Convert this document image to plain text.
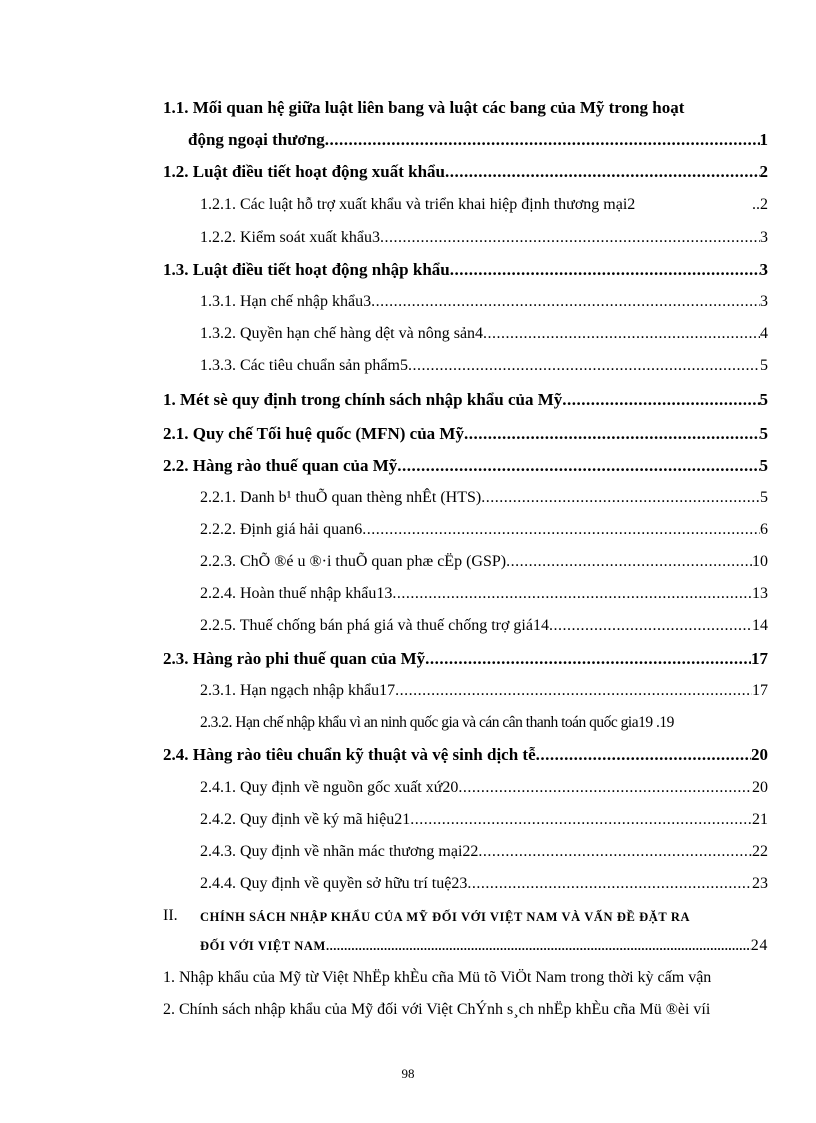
1.1. Mối quan hệ giữa luật liên bang và luật các bang của Mỹ trong hoạt
động ngoại thương .....	1
1.2. Luật điều tiết hoạt động xuất khẩu .....	2
1.2.1. Các luật hỗ trợ xuất khẩu và triển khai hiệp định thương mại2	..2
1.2.2. Kiểm soát xuất khẩu3 .....	3
1.3. Luật điều tiết hoạt động nhập khẩu .....	3
1.3.1. Hạn chế nhập khẩu3 .....	3
1.3.2. Quyền hạn chế hàng dệt và nông sản4 .....	4
1.3.3. Các tiêu chuẩn sản phẩm5 .....	5
1. Mét sè quy định trong chính sách nhập khẩu của Mỹ .....	5
2.1. Quy chế Tối huệ quốc (MFN) của Mỹ .....	5
2.2. Hàng rào thuế quan của Mỹ .....	5
2.2.1. Danh b¹ thuÕ quan thèng nhÊt (HTS) .....	5
2.2.2. Định giá hải quan6 .....	6
2.2.3. ChÕ ®é u ®·i thuÕ quan phæ cËp (GSP) .....	10
2.2.4. Hoàn thuế nhập khẩu13 .....	13
2.2.5. Thuế chống bán phá giá và thuế chống trợ giá14 .....	14
2.3. Hàng rào phi thuế quan của Mỹ .....	17
2.3.1. Hạn ngạch nhập khẩu17 .....	17
2.3.2. Hạn chế nhập khẩu vì an ninh quốc gia và cán cân thanh toán quốc gia19 .19
2.4. Hàng rào tiêu chuẩn kỹ thuật và vệ sinh dịch tễ .....	20
2.4.1. Quy định về nguồn gốc xuất xứ20 .....	20
2.4.2. Quy định về ký mã hiệu21 .....	21
2.4.3. Quy định về nhãn mác thương mại22 .....	22
2.4.4. Quy định về quyền sở hữu trí tuệ23 .....	23
II. CHÍNH SÁCH NHẬP KHẨU CỦA MỸ ĐỐI VỚI VIỆT NAM VÀ VẤN ĐỀ ĐẶT RA
ĐỐI VỚI VIỆT NAM .....	24
1. Nhập khẩu của Mỹ từ Việt NhËp khÈu cña Mü tõ ViÖt Nam trong thời kỳ cấm vận
2. Chính sách nhập khẩu của Mỹ đối với Việt ChÝnh s¸ch nhËp khÈu cña Mü ®èi víi
98
